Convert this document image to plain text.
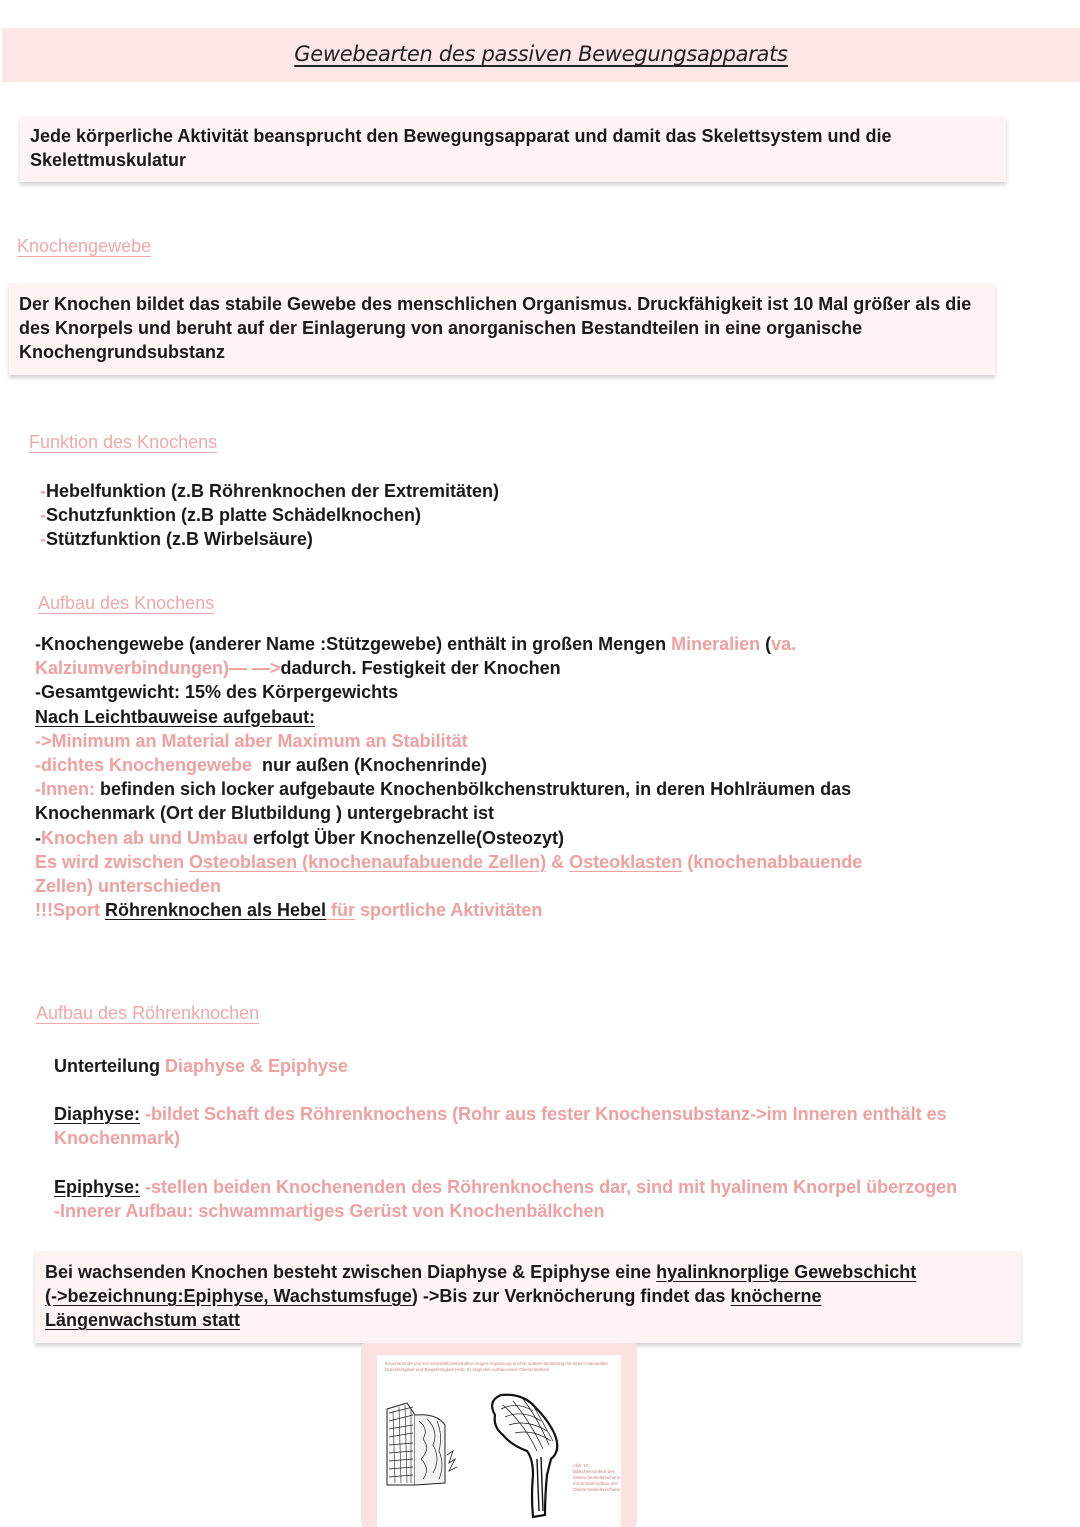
Gewebearten des passiven Bewegungsapparats
Jede körperliche Aktivität beansprucht den Bewegungsapparat und damit das Skelettsystem und die Skelettmuskulatur
Knochengewebe
Der Knochen bildet das stabile Gewebe des menschlichen Organismus. Druckfähigkeit ist 10 Mal größer als die des Knorpels und beruht auf der Einlagerung von anorganischen Bestandteilen in eine organische Knochengrundsubstanz
Funktion des Knochens
-Hebelfunktion (z.B Röhrenknochen der Extremitäten)
-Schutzfunktion (z.B platte Schädelknochen)
-Stützfunktion (z.B Wirbelsäure)
Aufbau des Knochens
-Knochengewebe (anderer Name :Stützgewebe) enthält in großen Mengen Mineralien (va.
Kalziumverbindungen)— —>dadurch. Festigkeit der Knochen
-Gesamtgewicht: 15% des Körpergewichts
Nach Leichtbauweise aufgebaut:
->Minimum an Material aber Maximum an Stabilität
-dichtes Knochengewebe  nur außen (Knochenrinde)
-Innen: befinden sich locker aufgebaute Knochenbölkchenstrukturen, in deren Hohlräumen das
Knochenmark (Ort der Blutbildung ) untergebracht ist
-Knochen ab und Umbau erfolgt Über Knochenzelle(Osteozyt)
Es wird zwischen Osteoblasen (knochenaufabuende Zellen) & Osteoklasten (knochenabbauende
Zellen) unterschieden
!!!Sport Röhrenknochen als Hebel für sportliche Aktivitäten
Aufbau des Röhrenknochen
Unterteilung Diaphyse & Epiphyse
Diaphyse: -bildet Schaft des Röhrenknochens (Rohr aus fester Knochensubstanz->im Inneren enthält es
Knochenmark)
Epiphyse: -stellen beiden Knochenenden des Röhrenknochens dar, sind mit hyalinem Knorpel überzogen
-Innerer Aufbau: schwammartiges Gerüst von Knochenbälkchen
Bei wachsenden Knochen besteht zwischen Diaphyse & Epiphyse eine hyalinknorplige Gewebschicht
(->bezeichnung:Epiphyse, Wachstumsfuge) ->Bis zur Verknöcherung findet das knöcherne
Längenwachstum statt
Knochenrinde und Knochenbälkchenstruktur zeigen Anpassung an ihre spätere Belastung mit einem maximalen Druckfestigkeit und Biegefestigkeit (Abb. 9) zeigt den Aufbau eines Oberschenkels
Abb. 10 Bälkchenstruktur des Oberschenkelknochens mit Schnitt Aufbau des Oberschenkelknochens
